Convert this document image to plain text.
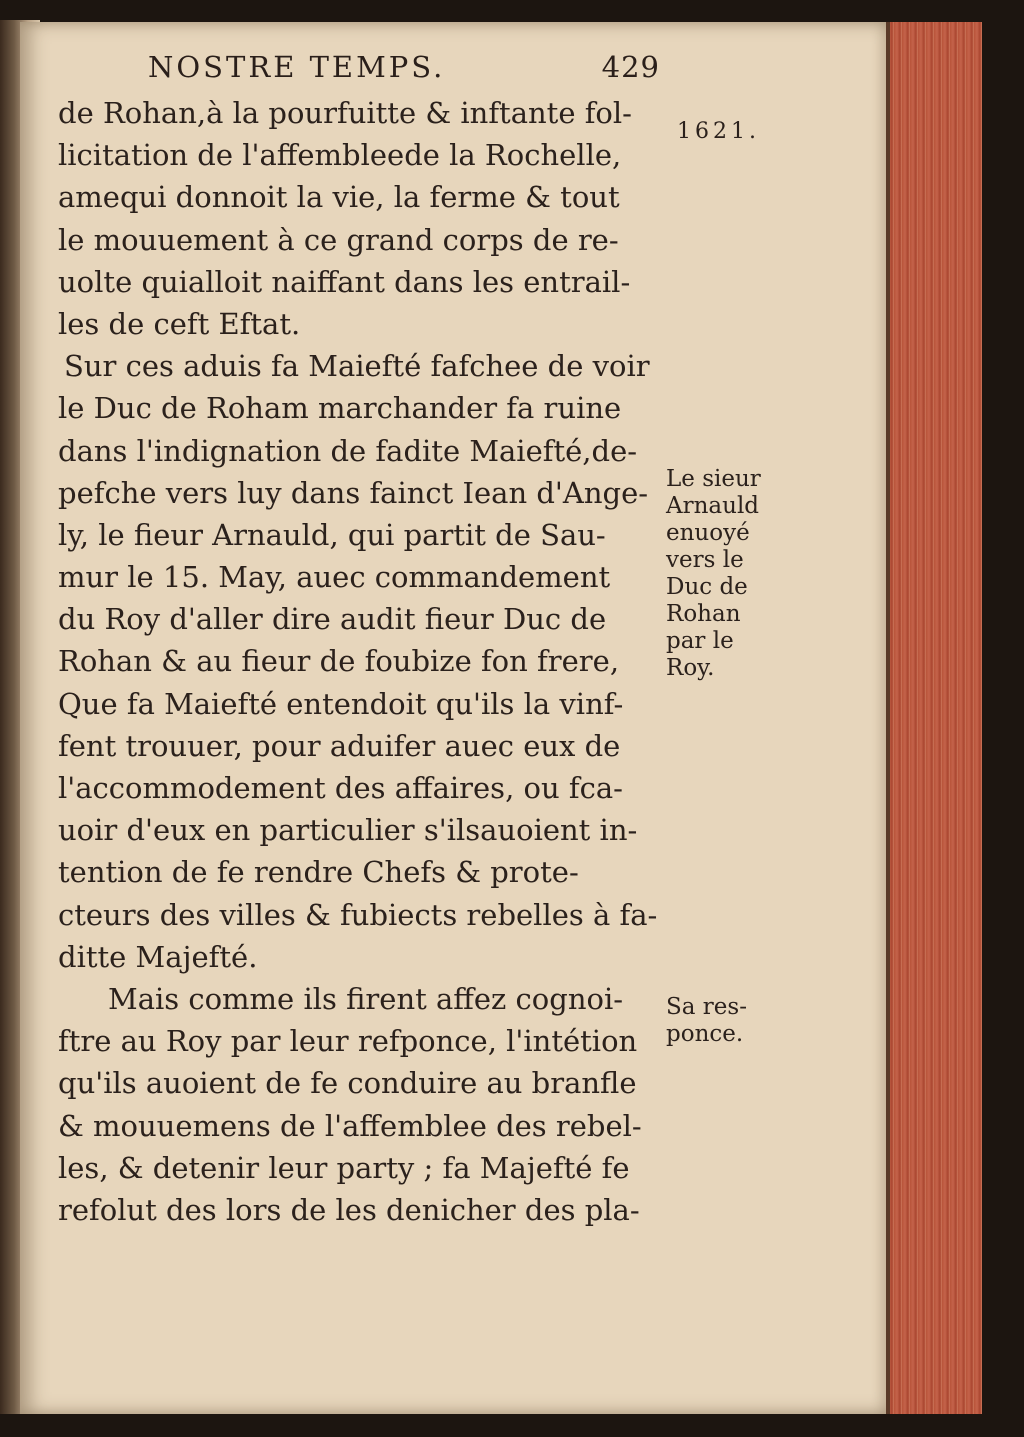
NOSTRE TEMPS.	429
de Rohan,à la pourfuitte & inftante fol-
licitation de l'affembleede la Rochelle,
amequi donnoit la vie, la ferme & tout
le mouuement à ce grand corps de re-
uolte quialloit naiffant dans les entrail-
les de ceft Eftat.
Sur ces aduis fa Maiefté fafchee de voir
le Duc de Roham marchander fa ruine
dans l'indignation de fadite Maiefté,de-
pefche vers luy dans fainct Iean d'Ange-
ly, le fieur Arnauld, qui partit de Sau-
mur le 15. May, auec commandement
du Roy d'aller dire audit fieur Duc de
Rohan & au fieur de foubize fon frere,
Que fa Maiefté entendoit qu'ils la vinf-
fent trouuer, pour aduifer auec eux de
l'accommodement des affaires, ou fca-
uoir d'eux en particulier s'ilsauoient in-
tention de fe rendre Chefs & prote-
cteurs des villes & fubiects rebelles à fa-
ditte Majefté.
Mais comme ils firent affez cognoi-
ftre au Roy par leur refponce, l'intétion
qu'ils auoient de fe conduire au branfle
& mouuemens de l'affemblee des rebel-
les, & detenir leur party ; fa Majefté fe
refolut des lors de les denicher des pla-
1621.
Le sieur
Arnauld
enuoyé
vers le
Duc de
Rohan
par le
Roy.
Sa res-
ponce.
